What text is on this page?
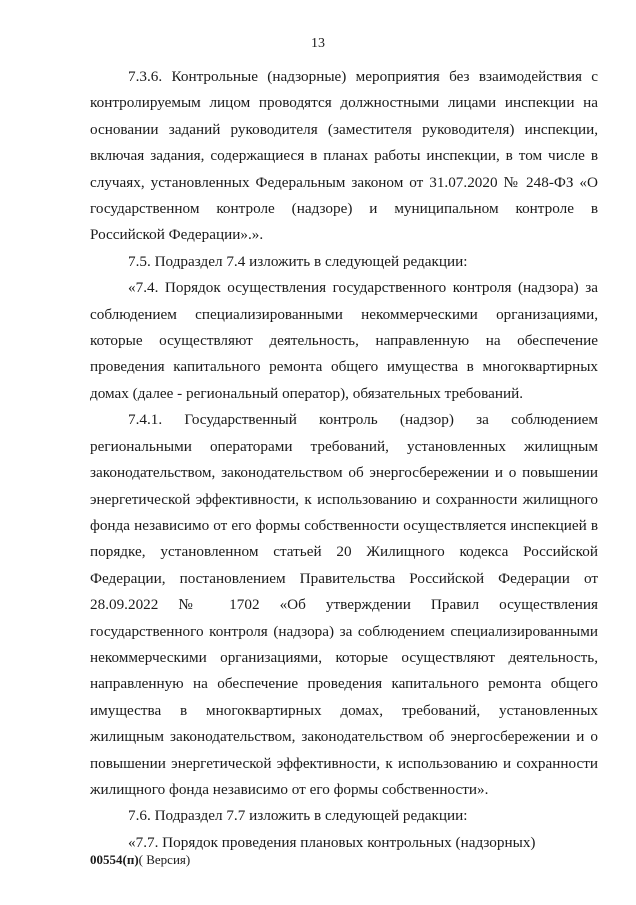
13

7.3.6. Контрольные (надзорные) мероприятия без взаимодействия с контролируемым лицом проводятся должностными лицами инспекции на основании заданий руководителя (заместителя руководителя) инспекции, включая задания, содержащиеся в планах работы инспекции, в том числе в случаях, установленных Федеральным законом от 31.07.2020 № 248-ФЗ «О государственном контроле (надзоре) и муниципальном контроле в Российской Федерации».».

7.5. Подраздел 7.4 изложить в следующей редакции:

«7.4. Порядок осуществления государственного контроля (надзора) за соблюдением специализированными некоммерческими организациями, которые осуществляют деятельность, направленную на обеспечение проведения капитального ремонта общего имущества в многоквартирных домах (далее - региональный оператор), обязательных требований.

7.4.1. Государственный контроль (надзор) за соблюдением региональными операторами требований, установленных жилищным законодательством, законодательством об энергосбережении и о повышении энергетической эффективности, к использованию и сохранности жилищного фонда независимо от его формы собственности осуществляется инспекцией в порядке, установленном статьей 20 Жилищного кодекса Российской Федерации, постановлением Правительства Российской Федерации от 28.09.2022 № 1702 «Об утверждении Правил осуществления государственного контроля (надзора) за соблюдением специализированными некоммерческими организациями, которые осуществляют деятельность, направленную на обеспечение проведения капитального ремонта общего имущества в многоквартирных домах, требований, установленных жилищным законодательством, законодательством об энергосбережении и о повышении энергетической эффективности, к использованию и сохранности жилищного фонда независимо от его формы собственности».

7.6. Подраздел 7.7 изложить в следующей редакции:

«7.7. Порядок проведения плановых контрольных (надзорных)

00554(п)( Версия)
